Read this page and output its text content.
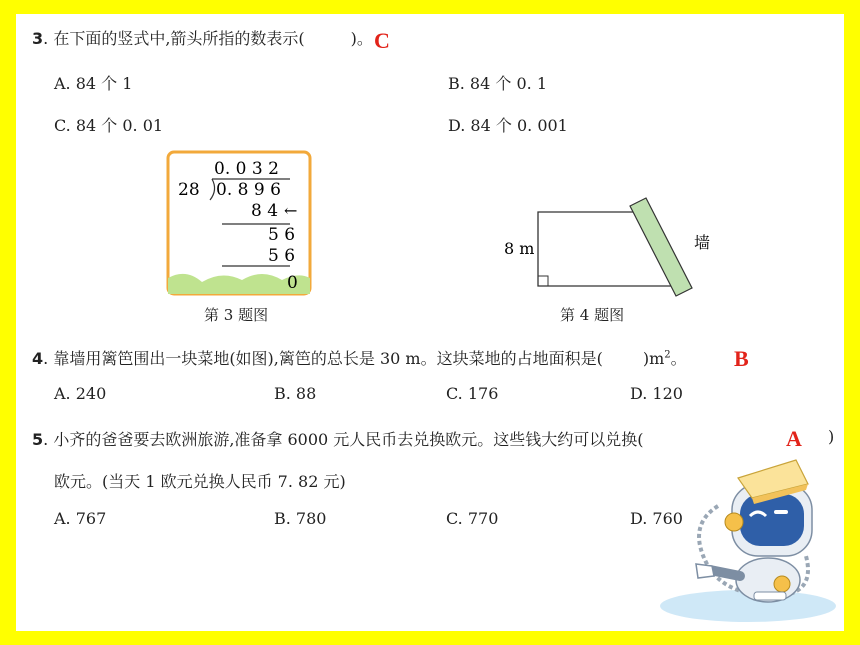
3. 在下面的竖式中,箭头所指的数表示(	)。 C
A. 84 个 1	B. 84 个 0. 1
C. 84 个 0. 01	D. 84 个 0. 001
0. 0 3 2
28 0. 8 9 6
8 4 ←
5 6
5 6
0
第 3 题图
8 m	墙
第 4 题图
4. 靠墙用篱笆围出一块菜地(如图),篱笆的总长是 30 m。这块菜地的占地面积是(	)$m^2$。 B
A. 240	B. 88	C. 176	D. 120
5. 小齐的爸爸要去欧洲旅游,准备拿 6000 元人民币去兑换欧元。这些钱大约可以兑换(	A )
欧元。(当天 1 欧元兑换人民币 7. 82 元)
A. 767	B. 780	C. 770	D. 760
